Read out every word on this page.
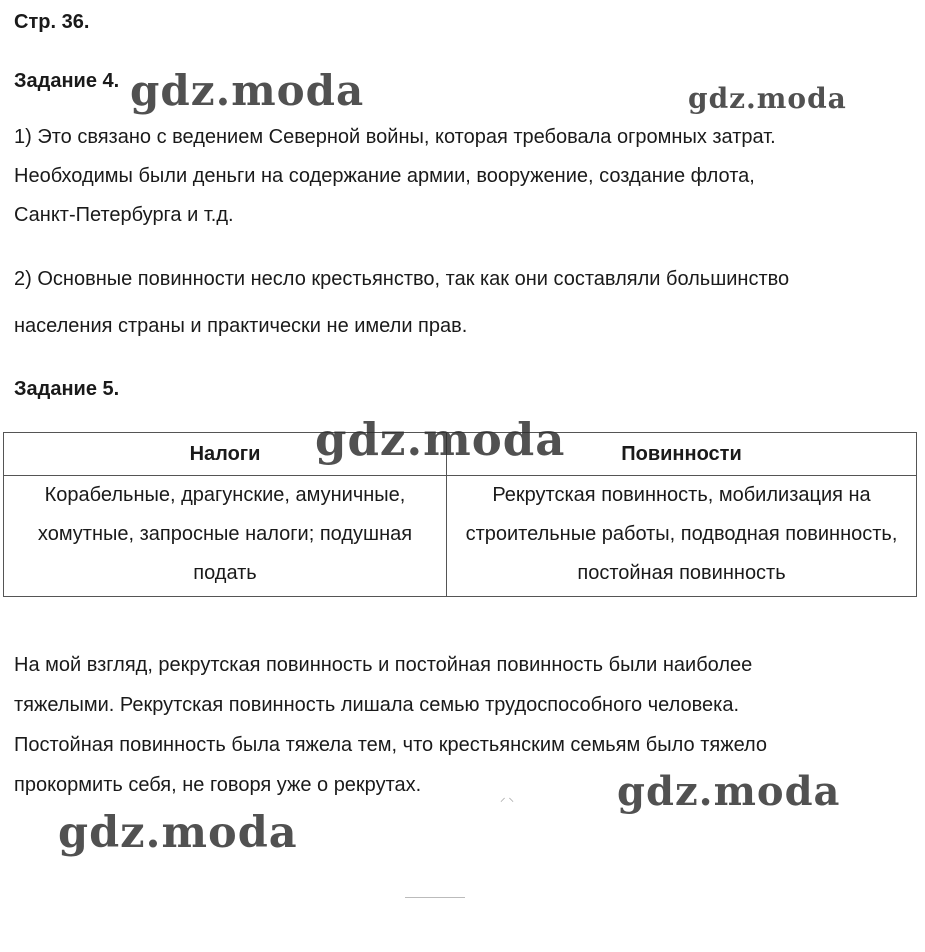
Стр. 36.
Задание 4.
1) Это связано с ведением Северной войны, которая требовала огромных затрат.
Необходимы были деньги на содержание армии, вооружение, создание флота,
Санкт-Петербурга и т.д.
2) Основные повинности несло крестьянство, так как они составляли большинство
населения страны и практически не имели прав.
Задание 5.
Налоги	Повинности
Корабельные, драгунские, амуничные, хомутные, запросные налоги; подушная подать	Рекрутская повинность, мобилизация на строительные работы, подводная повинность, постойная повинность
На мой взгляд, рекрутская повинность и постойная повинность были наиболее
тяжелыми. Рекрутская повинность лишала семью трудоспособного человека.
Постойная повинность была тяжела тем, что крестьянским семьям было тяжело
прокормить себя, не говоря уже о рекрутах.
gdz.moda	gdz.moda
gdz.moda
gdz.moda
gdz.moda
⸝ ⸜
